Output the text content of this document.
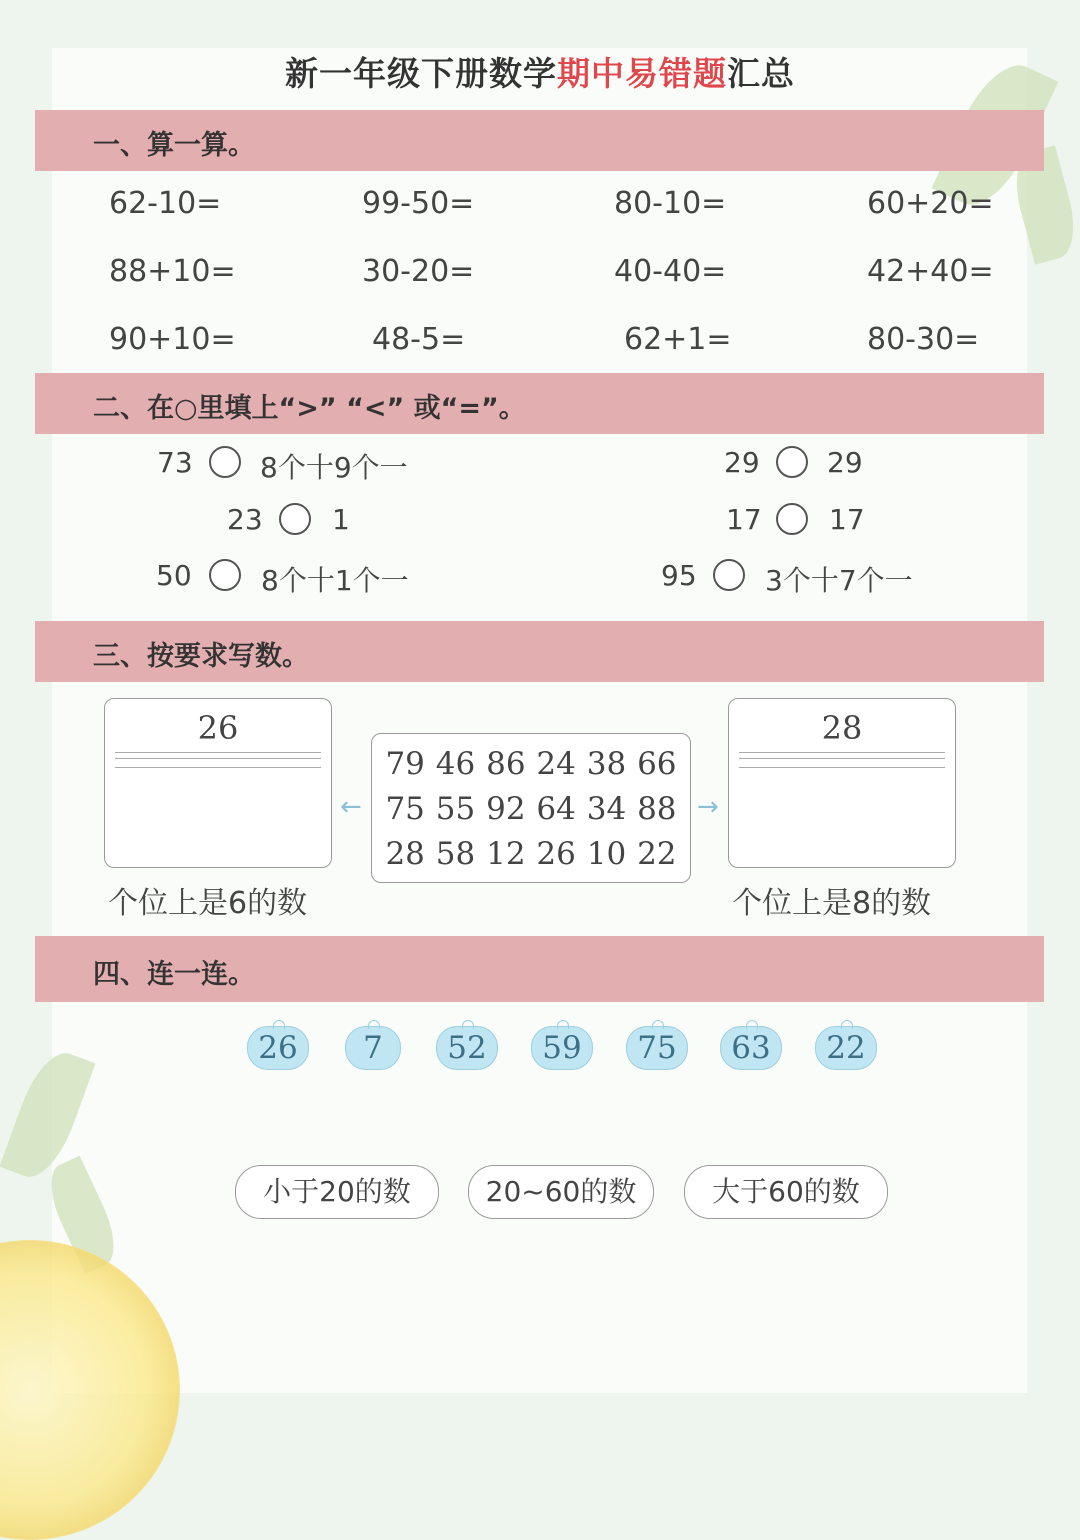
新一年级下册数学期中易错题汇总
一、算一算。
62-10=	99-50=	80-10=	60+20=
88+10=	30-20=	40-40=	42+40=
90+10=	48-5=	62+1=	80-30=
二、在○里填上“>” “<” 或“=”。
73 8个十9个一	29 29
23 1	17 17
50 8个十1个一	95 3个十7个一
三、按要求写数。
26
个位上是6的数
←
79 46 86 24 38 66
75 55 92 64 34 88
28 58 12 26 10 22
→
28
个位上是8的数
四、连一连。
26	7	52	59	75	63	22
小于20的数	20~60的数	大于60的数
